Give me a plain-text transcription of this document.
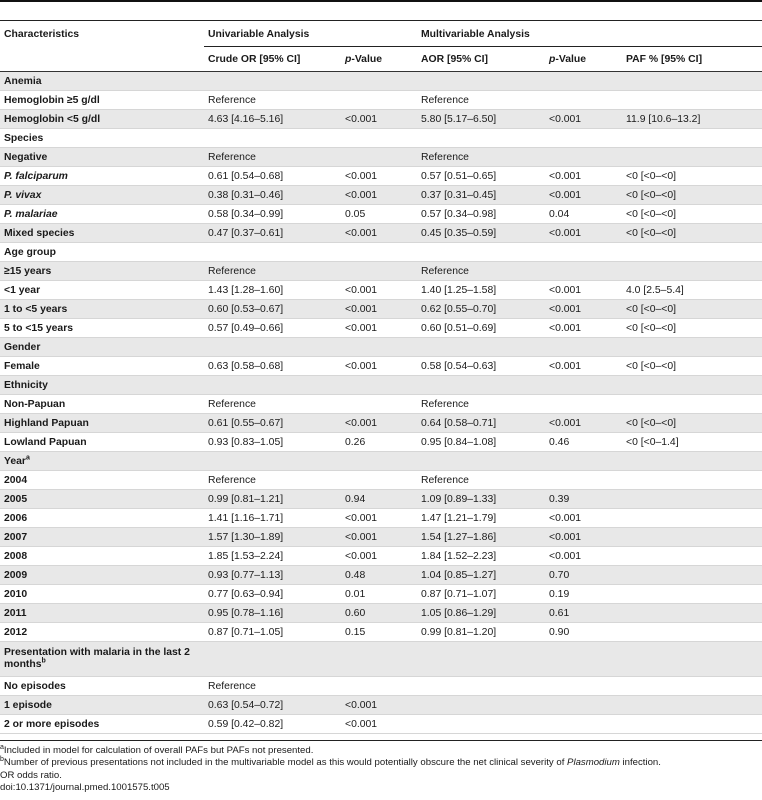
Characteristics	Univariable Analysis		Multivariable Analysis		
	Crude OR [95% CI]	p-Value	AOR [95% CI]	p-Value	PAF % [95% CI]
Anemia					
Hemoglobin ≥5 g/dl	Reference		Reference		
Hemoglobin <5 g/dl	4.63 [4.16–5.16]	<0.001	5.80 [5.17–6.50]	<0.001	11.9 [10.6–13.2]
Species					
Negative	Reference		Reference		
P. falciparum	0.61 [0.54–0.68]	<0.001	0.57 [0.51–0.65]	<0.001	<0 [<0–<0]
P. vivax	0.38 [0.31–0.46]	<0.001	0.37 [0.31–0.45]	<0.001	<0 [<0–<0]
P. malariae	0.58 [0.34–0.99]	0.05	0.57 [0.34–0.98]	0.04	<0 [<0–<0]
Mixed species	0.47 [0.37–0.61]	<0.001	0.45 [0.35–0.59]	<0.001	<0 [<0–<0]
Age group					
≥15 years	Reference		Reference		
<1 year	1.43 [1.28–1.60]	<0.001	1.40 [1.25–1.58]	<0.001	4.0 [2.5–5.4]
1 to <5 years	0.60 [0.53–0.67]	<0.001	0.62 [0.55–0.70]	<0.001	<0 [<0–<0]
5 to <15 years	0.57 [0.49–0.66]	<0.001	0.60 [0.51–0.69]	<0.001	<0 [<0–<0]
Gender					
Female	0.63 [0.58–0.68]	<0.001	0.58 [0.54–0.63]	<0.001	<0 [<0–<0]
Ethnicity					
Non-Papuan	Reference		Reference		
Highland Papuan	0.61 [0.55–0.67]	<0.001	0.64 [0.58–0.71]	<0.001	<0 [<0–<0]
Lowland Papuan	0.93 [0.83–1.05]	0.26	0.95 [0.84–1.08]	0.46	<0 [<0–1.4]
Year$^a$					
2004	Reference		Reference		
2005	0.99 [0.81–1.21]	0.94	1.09 [0.89–1.33]	0.39	
2006	1.41 [1.16–1.71]	<0.001	1.47 [1.21–1.79]	<0.001	
2007	1.57 [1.30–1.89]	<0.001	1.54 [1.27–1.86]	<0.001	
2008	1.85 [1.53–2.24]	<0.001	1.84 [1.52–2.23]	<0.001	
2009	0.93 [0.77–1.13]	0.48	1.04 [0.85–1.27]	0.70	
2010	0.77 [0.63–0.94]	0.01	0.87 [0.71–1.07]	0.19	
2011	0.95 [0.78–1.16]	0.60	1.05 [0.86–1.29]	0.61	
2012	0.87 [0.71–1.05]	0.15	0.99 [0.81–1.20]	0.90	
Presentation with malaria in the last 2 months$^b$					
No episodes	Reference				
1 episode	0.63 [0.54–0.72]	<0.001			
2 or more episodes	0.59 [0.42–0.82]	<0.001			
$^a$Included in model for calculation of overall PAFs but PAFs not presented.
$^b$Number of previous presentations not included in the multivariable model as this would potentially obscure the net clinical severity of Plasmodium infection.
OR odds ratio.
doi:10.1371/journal.pmed.1001575.t005
